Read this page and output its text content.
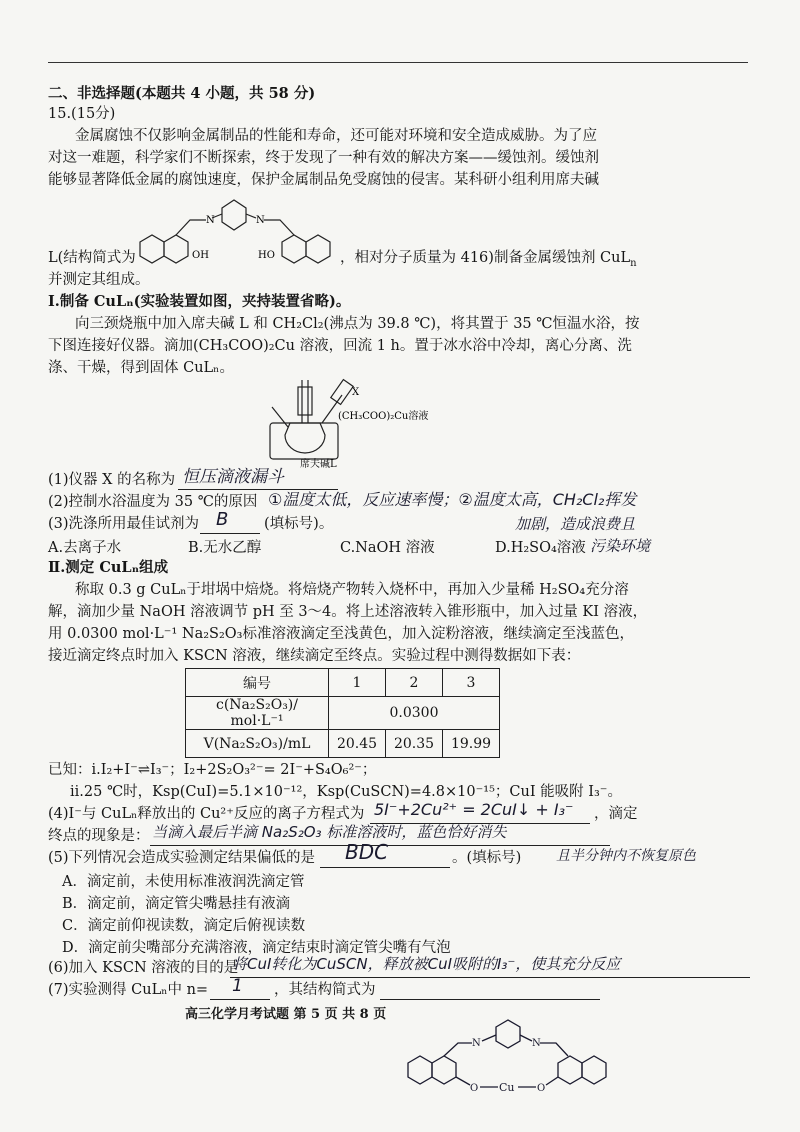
二、非选择题(本题共 4 小题，共 58 分)
15.(15分)
金属腐蚀不仅影响金属制品的性能和寿命，还可能对环境和安全造成威胁。为了应
对这一难题，科学家们不断探索，终于发现了一种有效的解决方案——缓蚀剂。缓蚀剂
能够显著降低金属的腐蚀速度，保护金属制品免受腐蚀的侵害。某科研小组利用席夫碱
N	N
OH	HO
L(结构简式为	，相对分子质量为 416)制备金属缓蚀剂 CuL$_n$
并测定其组成。
Ⅰ.制备 CuLₙ(实验装置如图，夹持装置省略)。
向三颈烧瓶中加入席夫碱 L 和 CH₂Cl₂(沸点为 39.8 ℃)，将其置于 35 ℃恒温水浴，按
下图连接好仪器。滴加(CH₃COO)₂Cu 溶液，回流 1 h。置于冰水浴中冷却，离心分离、洗
涤、干燥，得到固体 CuLₙ。
X
(CH₃COO)₂Cu溶液
席夫碱L
(1)仪器 X 的名称为 恒压滴液漏斗
(2)控制水浴温度为 35 ℃的原因 ①温度太低，反应速率慢；②温度太高，CH₂Cl₂挥发
加剧，造成浪费且
污染环境
(3)洗涤所用最佳试剂为 B (填标号)。
A.去离子水	B.无水乙醇	C.NaOH 溶液	D.H₂SO₄溶液
Ⅱ.测定 CuLₙ组成
称取 0.3 g CuLₙ于坩埚中焙烧。将焙烧产物转入烧杯中，再加入少量稀 H₂SO₄充分溶
解，滴加少量 NaOH 溶液调节 pH 至 3～4。将上述溶液转入锥形瓶中，加入过量 KI 溶液，
用 0.0300 mol·L⁻¹ Na₂S₂O₃标准溶液滴定至浅黄色，加入淀粉溶液，继续滴定至浅蓝色，
接近滴定终点时加入 KSCN 溶液，继续滴定至终点。实验过程中测得数据如下表：
编号	1	2	3
c(Na₂S₂O₃)/ mol·L⁻¹	0.0300		
V(Na₂S₂O₃)/mL	20.45	20.35	19.99
已知：i.I₂+I⁻⇌I₃⁻；I₂+2S₂O₃²⁻= 2I⁻+S₄O₆²⁻；
ii.25 ℃时，Ksp(CuI)=5.1×10⁻¹²，Ksp(CuSCN)=4.8×10⁻¹⁵；CuI 能吸附 I₃⁻。
(4)I⁻与 CuLₙ释放出的 Cu²⁺反应的离子方程式为 5I⁻+2Cu²⁺ = 2CuI↓ + I₃⁻ ，滴定
终点的现象是： 当滴入最后半滴 Na₂S₂O₃ 标准溶液时，蓝色恰好消失
(5)下列情况会造成实验测定结果偏低的是 BDC	。(填标号) 且半分钟内不恢复原色
A．滴定前，未使用标准液润洗滴定管
B．滴定前，滴定管尖嘴悬挂有液滴
C．滴定前仰视读数，滴定后俯视读数
D．滴定前尖嘴部分充满溶液，滴定结束时滴定管尖嘴有气泡
(6)加入 KSCN 溶液的目的是
将CuI转化为CuSCN，释放被CuI吸附的I₃⁻，使其充分反应
(7)实验测得 CuLₙ中 n= 1 ，其结构简式为
高三化学月考试题 第 5 页 共 8 页
N	N
O Cu O
